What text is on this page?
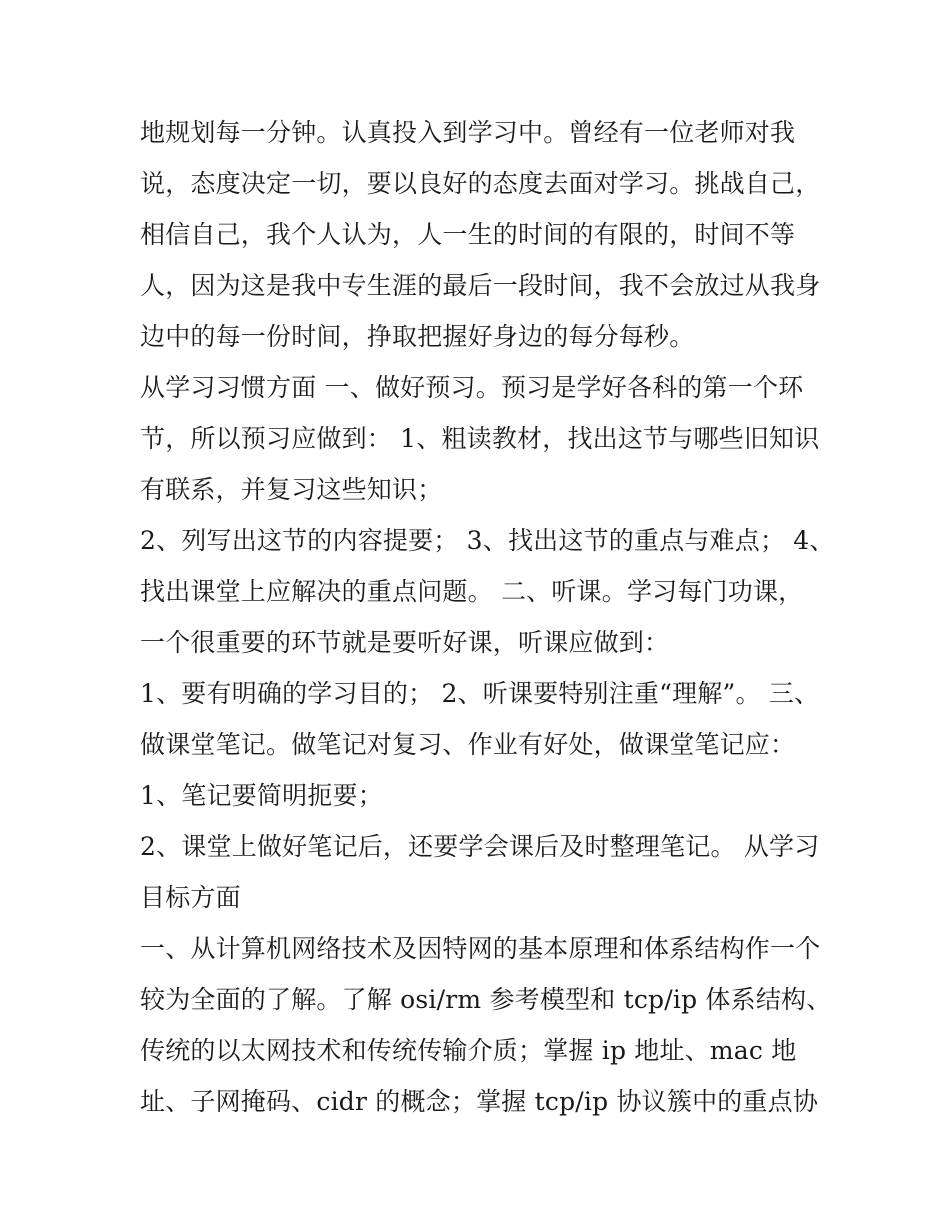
地规划每一分钟。认真投入到学习中。曾经有一位老师对我
说，态度决定一切，要以良好的态度去面对学习。挑战自己，
相信自己，我个人认为，人一生的时间的有限的，时间不等
人，因为这是我中专生涯的最后一段时间，我不会放过从我身
边中的每一份时间，挣取把握好身边的每分每秒。
从学习习惯方面 一、做好预习。预习是学好各科的第一个环
节，所以预习应做到： 1、粗读教材，找出这节与哪些旧知识
有联系，并复习这些知识；
2、列写出这节的内容提要； 3、找出这节的重点与难点； 4、
找出课堂上应解决的重点问题。 二、听课。学习每门功课，
一个很重要的环节就是要听好课，听课应做到：
1、要有明确的学习目的； 2、听课要特别注重“理解”。 三、
做课堂笔记。做笔记对复习、作业有好处，做课堂笔记应：
1、笔记要简明扼要；
2、课堂上做好笔记后，还要学会课后及时整理笔记。 从学习
目标方面
一、从计算机网络技术及因特网的基本原理和体系结构作一个
较为全面的了解。了解 osi/rm 参考模型和 tcp/ip 体系结构、
传统的以太网技术和传统传输介质；掌握 ip 地址、mac 地
址、子网掩码、cidr 的概念；掌握 tcp/ip 协议簇中的重点协
